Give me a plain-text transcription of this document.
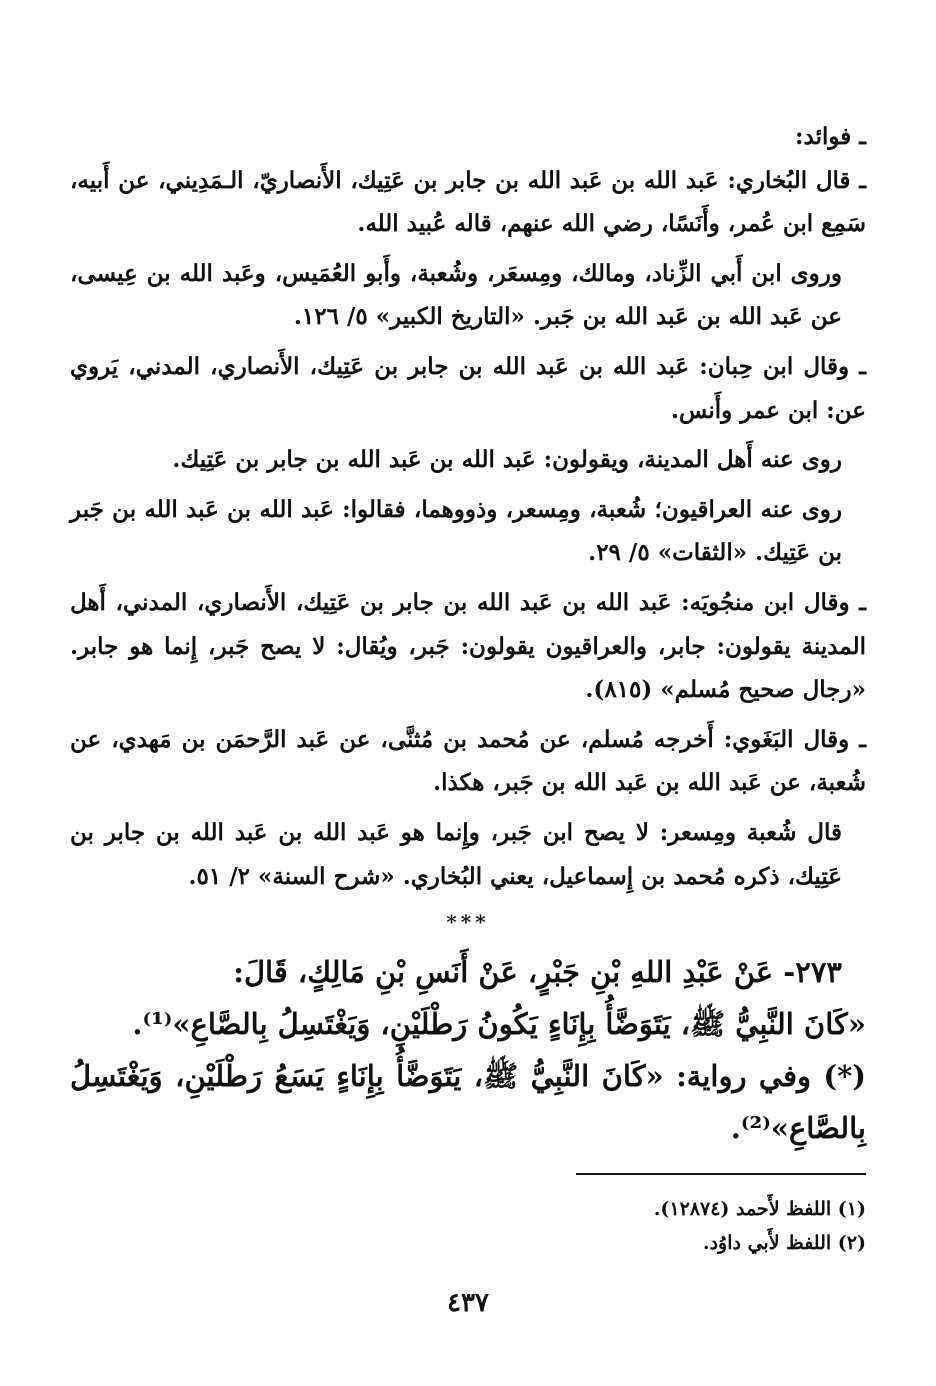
ـ فوائد:

ـ قال البُخاري: عَبد الله بن عَبد الله بن جابر بن عَتِيك، الأَنصاريّ، الـمَدِيني، عن أَبيه، سَمِع ابن عُمر، وأَنَسًا، رضي الله عنهم، قاله عُبيد الله.

وروى ابن أَبي الزِّناد، ومالك، ومِسعَر، وشُعبة، وأَبو العُمَيس، وعَبد الله بن عِيسى، عن عَبد الله بن عَبد الله بن جَبر. «التاريخ الكبير» ٥/ ١٢٦.

ـ وقال ابن حِبان: عَبد الله بن عَبد الله بن جابر بن عَتِيك، الأَنصاري، المدني، يَروي عن: ابن عمر وأَنس.

روى عنه أَهل المدينة، ويقولون: عَبد الله بن عَبد الله بن جابر بن عَتِيك.

روى عنه العراقيون؛ شُعبة، ومِسعر، وذووهما، فقالوا: عَبد الله بن عَبد الله بن جَبر بن عَتِيك. «الثقات» ٥/ ٢٩.

ـ وقال ابن منجُويَه: عَبد الله بن عَبد الله بن جابر بن عَتِيك، الأَنصاري، المدني، أَهل المدينة يقولون: جابر، والعراقيون يقولون: جَبر، ويُقال: لا يصح جَبر، إِنما هو جابر. «رجال صحيح مُسلم» (٨١٥).

ـ وقال البَغَوي: أَخرجه مُسلم، عن مُحمد بن مُثنَّى، عن عَبد الرَّحمَن بن مَهدي، عن شُعبة، عن عَبد الله بن عَبد الله بن جَبر، هكذا.

قال شُعبة ومِسعر: لا يصح ابن جَبر، وإِنما هو عَبد الله بن عَبد الله بن جابر بن عَتِيك، ذكره مُحمد بن إِسماعيل، يعني البُخاري. «شرح السنة» ٢/ ٥١.

***

٢٧٣- عَنْ عَبْدِ اللهِ بْنِ جَبْرٍ، عَنْ أَنَسِ بْنِ مَالِكٍ، قَالَ:

«كَانَ النَّبِيُّ ﷺ، يَتَوَضَّأُ بِإِنَاءٍ يَكُونُ رَطْلَيْنِ، وَيَغْتَسِلُ بِالصَّاعِ»⁽¹⁾.

(*) وفي رواية: «كَانَ النَّبِيُّ ﷺ، يَتَوَضَّأُ بِإِنَاءٍ يَسَعُ رَطْلَيْنِ، وَيَغْتَسِلُ بِالصَّاعِ»⁽²⁾.

(١) اللفظ لأَحمد (١٢٨٧٤).

(٢) اللفظ لأَبي داوُد.

٤٣٧
